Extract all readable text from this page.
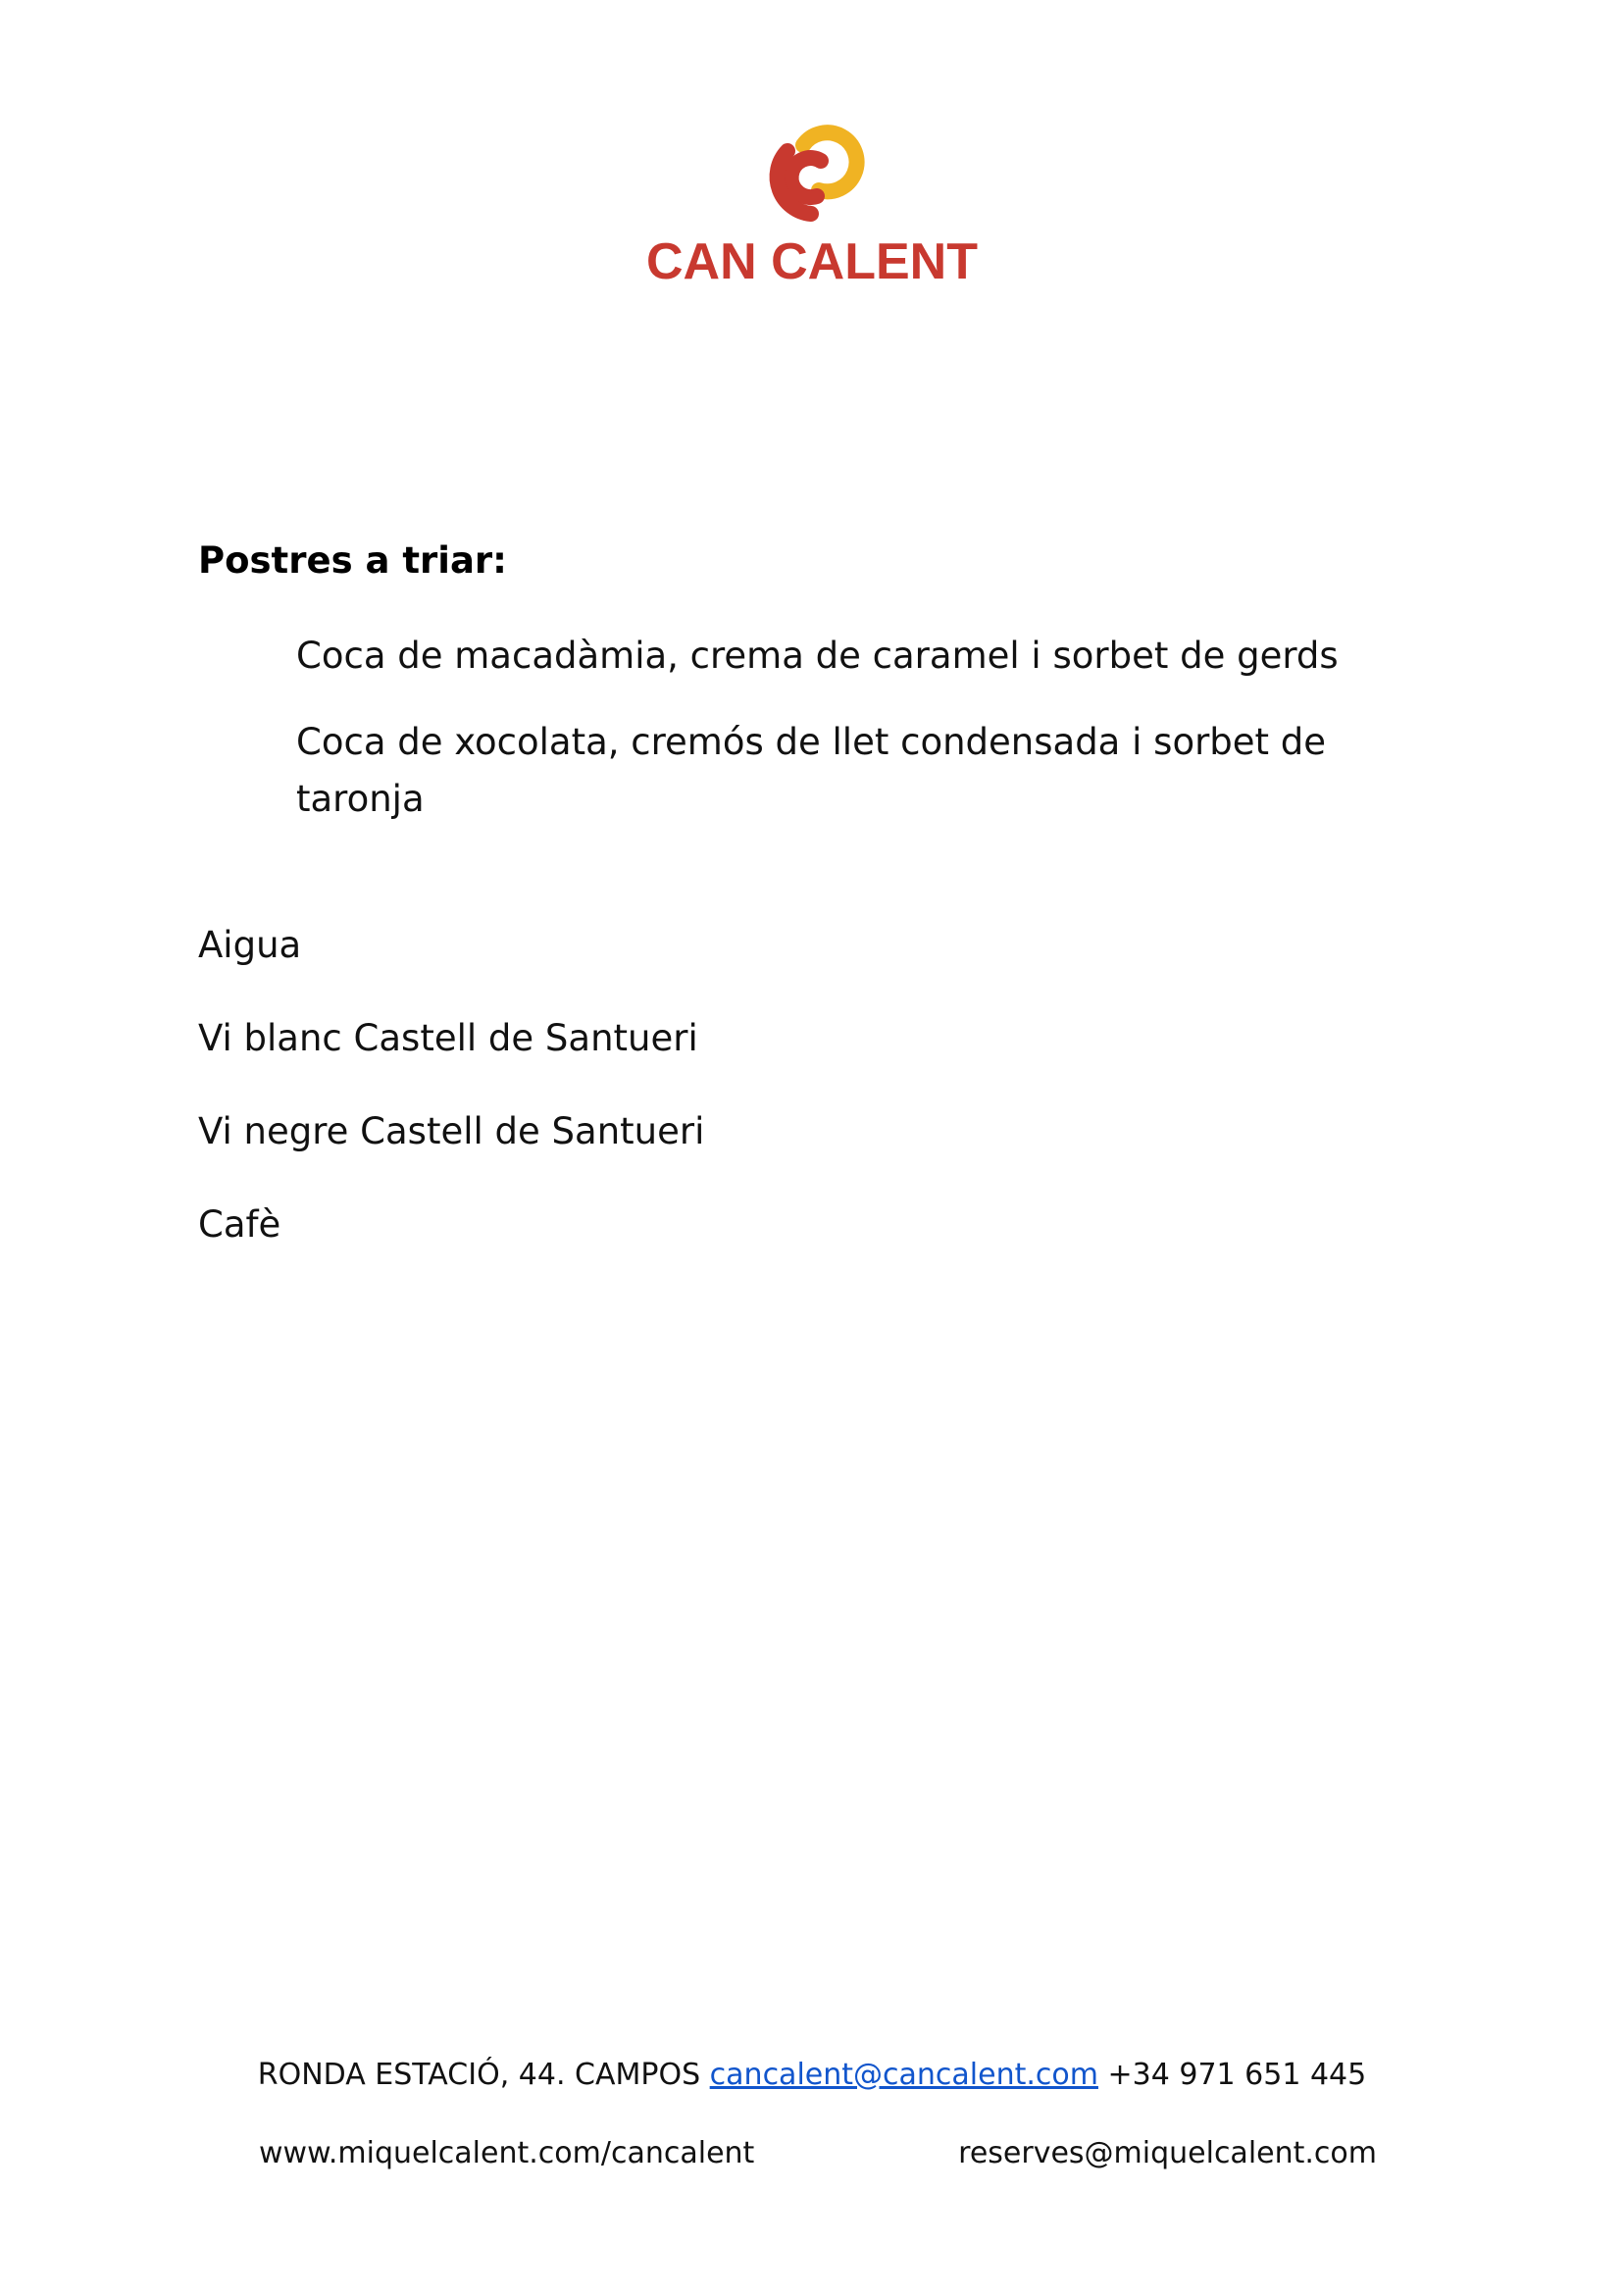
CAN CALENT
Postres a triar:
Coca de macadàmia, crema de caramel i sorbet de gerds
Coca de xocolata, cremós de llet condensada i sorbet de taronja
Aigua
Vi blanc Castell de Santueri
Vi negre Castell de Santueri
Cafè
RONDA ESTACIÓ, 44. CAMPOS cancalent@cancalent.com +34 971 651 445
www.miquelcalent.com/cancalent	reserves@miquelcalent.com
